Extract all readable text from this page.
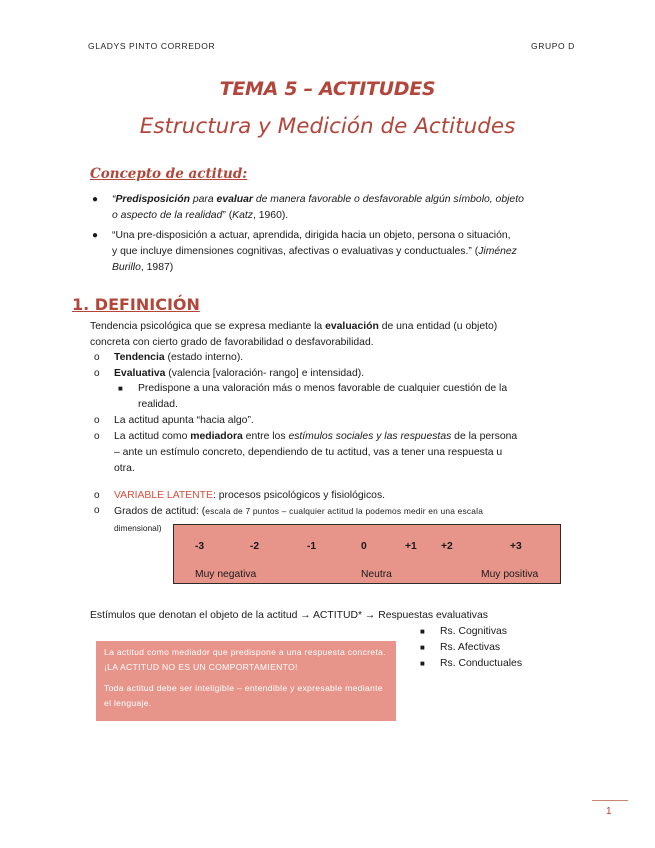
GLADYS PINTO CORREDOR	GRUPO D
TEMA 5 – ACTITUDES
Estructura y Medición de Actitudes
Concepto de actitud:
● “Predisposición para evaluar de manera favorable o desfavorable algún símbolo, objeto
o aspecto de la realidad” (Katz, 1960).
● “Una pre-disposición a actuar, aprendida, dirigida hacia un objeto, persona o situación,
y que incluye dimensiones cognitivas, afectivas o evaluativas y conductuales.” (Jiménez
Burillo, 1987)
1. DEFINICIÓN
Tendencia psicológica que se expresa mediante la evaluación de una entidad (u objeto)
concreta con cierto grado de favorabilidad o desfavorabilidad.
o Tendencia (estado interno).
o Evaluativa (valencia [valoración- rango] e intensidad).
■ Predispone a una valoración más o menos favorable de cualquier cuestión de la
realidad.
o La actitud apunta “hacia algo”.
o La actitud como mediadora entre los estímulos sociales y las respuestas de la persona
– ante un estímulo concreto, dependiendo de tu actitud, vas a tener una respuesta u
otra.
o VARIABLE LATENTE: procesos psicológicos y fisiológicos.
o Grados de actitud: (escala de 7 puntos – cualquier actitud la podemos medir en una escala
dimensional)
-3	-2	-1	0	+1 +2	+3
Muy negativa	Neutra	Muy positiva
Estímulos que denotan el objeto de la actitud → ACTITUD* → Respuestas evaluativas
■ Rs. Cognitivas
■ Rs. Afectivas
■ Rs. Conductuales

La actitud como mediador que predispone a una respuesta concreta. ¡LA ACTITUD NO ES UN COMPORTAMIENTO!

Toda actitud debe ser inteligible – entendible y expresable mediante el lenguaje.

1
